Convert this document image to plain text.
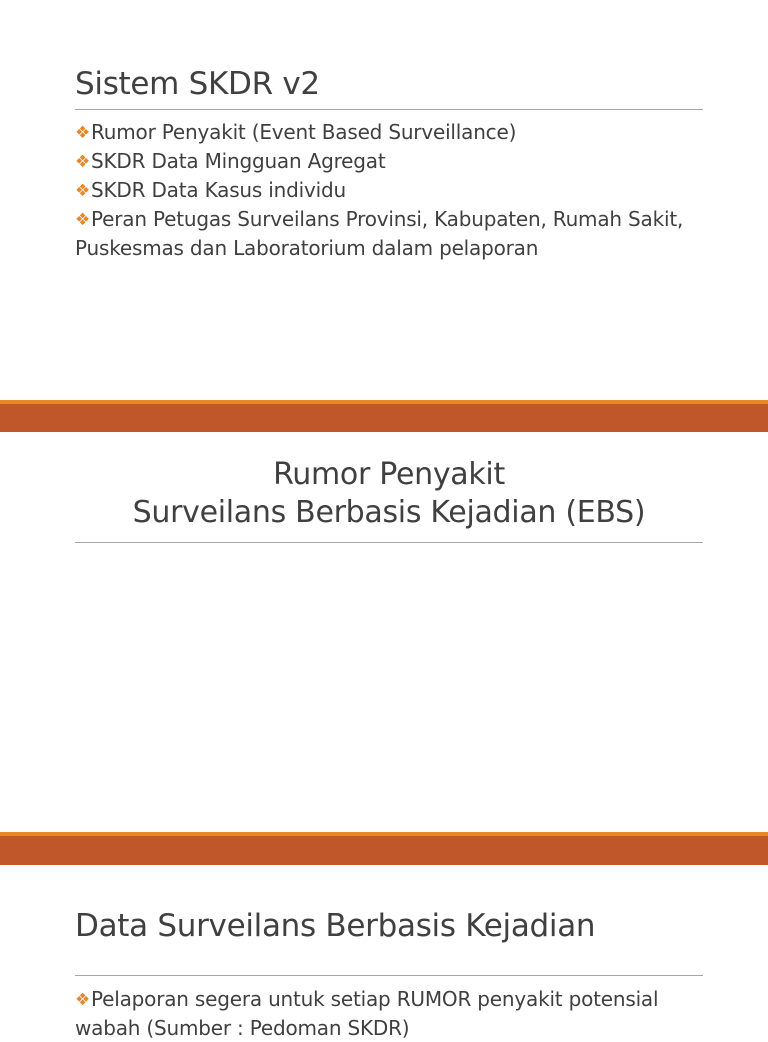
Sistem SKDR v2
❖Rumor Penyakit (Event Based Surveillance)
❖SKDR Data Mingguan Agregat
❖SKDR Data Kasus individu
❖Peran Petugas Surveilans Provinsi, Kabupaten, Rumah Sakit, Puskesmas dan Laboratorium dalam pelaporan
Rumor Penyakit
Surveilans Berbasis Kejadian (EBS)
Data Surveilans Berbasis Kejadian
❖Pelaporan segera untuk setiap RUMOR penyakit potensial wabah (Sumber : Pedoman SKDR)
